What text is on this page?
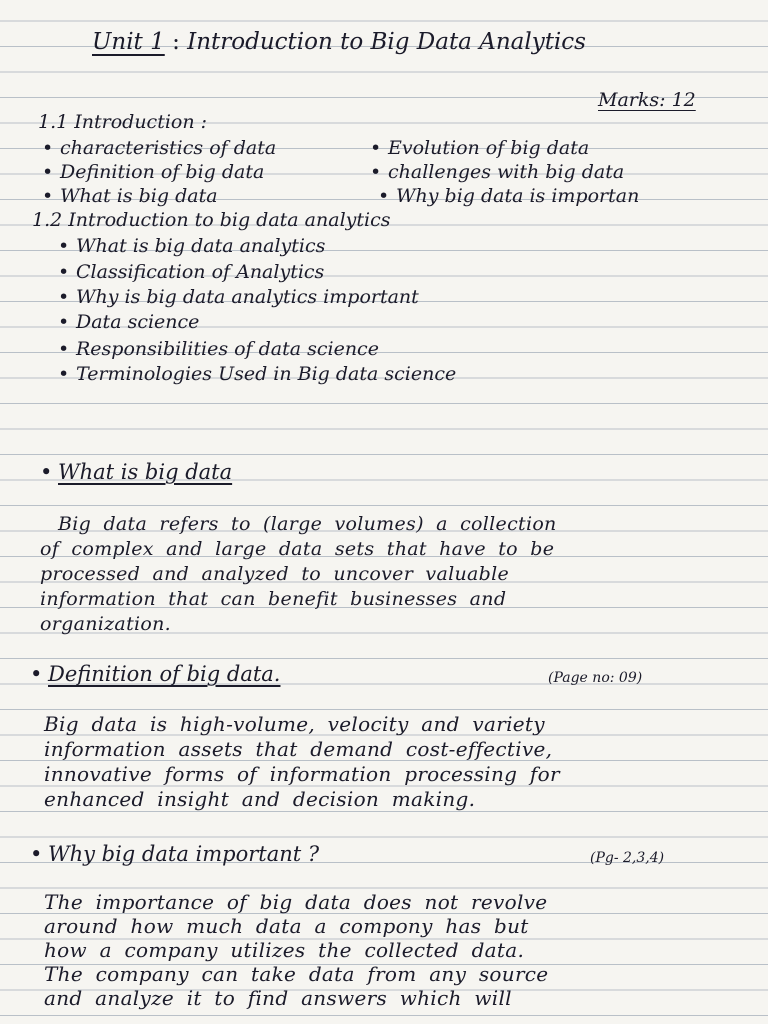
Unit 1 : Introduction to Big Data Analytics
Marks: 12
1.1 Introduction :
• characteristics of data	• Evolution of big data
• Definition of big data	• challenges with big data
• What is big data	• Why big data is importan
1.2 Introduction to big data analytics
• What is big data analytics
• Classification of Analytics
• Why is big data analytics important
• Data science
• Responsibilities of data science
• Terminologies Used in Big data science
• What is big data
Big data refers to (large volumes) a collection
of complex and large data sets that have to be
processed and analyzed to uncover valuable
information that can benefit businesses and
organization.
• Definition of big data.	(Page no: 09)
Big data is high-volume, velocity and variety
information assets that demand cost-effective,
innovative forms of information processing for
enhanced insight and decision making.
• Why big data important ?	(Pg- 2,3,4)
The importance of big data does not revolve
around how much data a compony has but
how a company utilizes the collected data.
The company can take data from any source
and analyze it to find answers which will
